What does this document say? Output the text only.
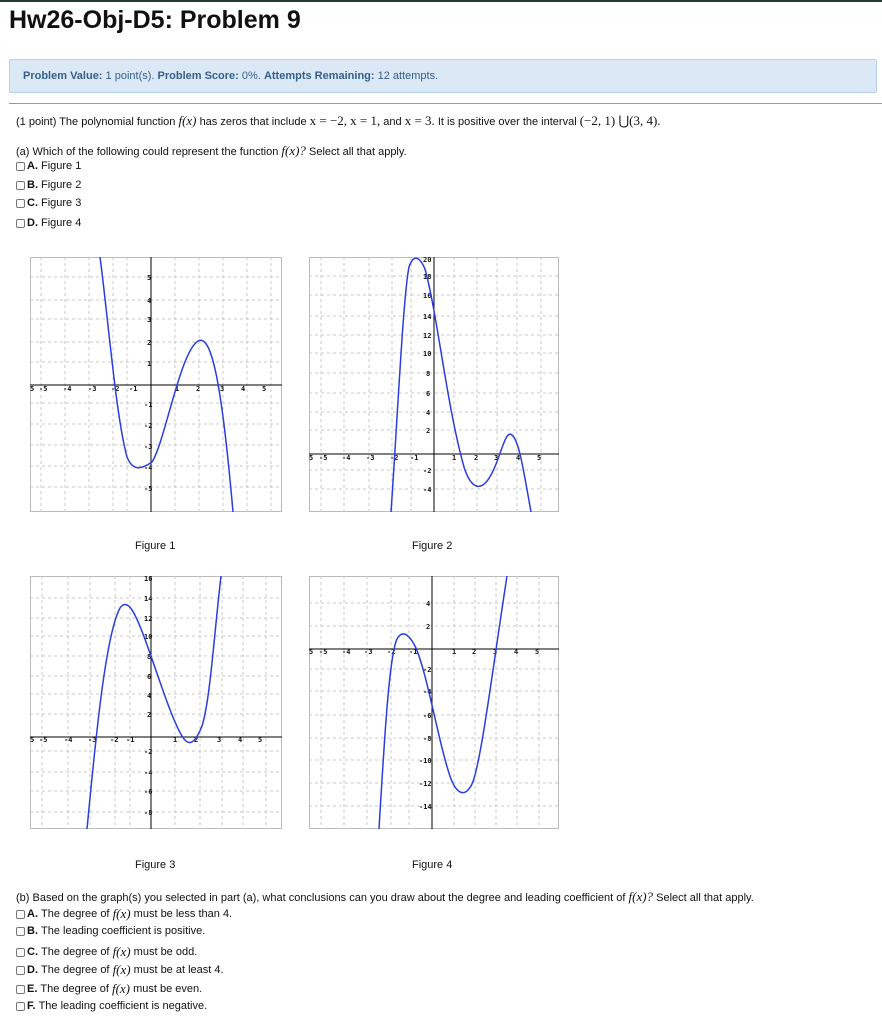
Hw26-Obj-D5: Problem 9
Problem Value: 1 point(s). Problem Score: 0%. Attempts Remaining: 12 attempts.
(1 point) The polynomial function f(x) has zeros that include x = −2, x = 1, and x = 3. It is positive over the interval (−2, 1) ⋃(3, 4).
(a) Which of the following could represent the function f(x)? Select all that apply.
A. Figure 1
B. Figure 2
C. Figure 3
D. Figure 4
5 -5 -4 -3 -2 -1	1 2	3 4 5
5
4
3
2
1
-1
-2
-3
-4
-5
Figure 1
5 -5 -4 -3 -2 -1	1	2 3	4 5
20
18
16
14
12
10
8
6
4
2
-2
-4
Figure 2
5 -5 -4 -3 -2 -1	1 2	3 4 5
16
14
12
10
8
6
4
2
-2
-4
-6
-8
Figure 3
5 -5 -4 -3 -2 -1	1 2 3 4 5
4
2
-2
-4
-6
-8
-10
-12
-14
Figure 4
(b) Based on the graph(s) you selected in part (a), what conclusions can you draw about the degree and leading coefficient of f(x)? Select all that apply.
A. The degree of
f(x)
must be less than 4.
B. The leading coefficient is positive.
C. The degree of
f(x)
must be odd.
D. The degree of
f(x)
must be at least 4.
E. The degree of
f(x)
must be even.
F. The leading coefficient is negative.
